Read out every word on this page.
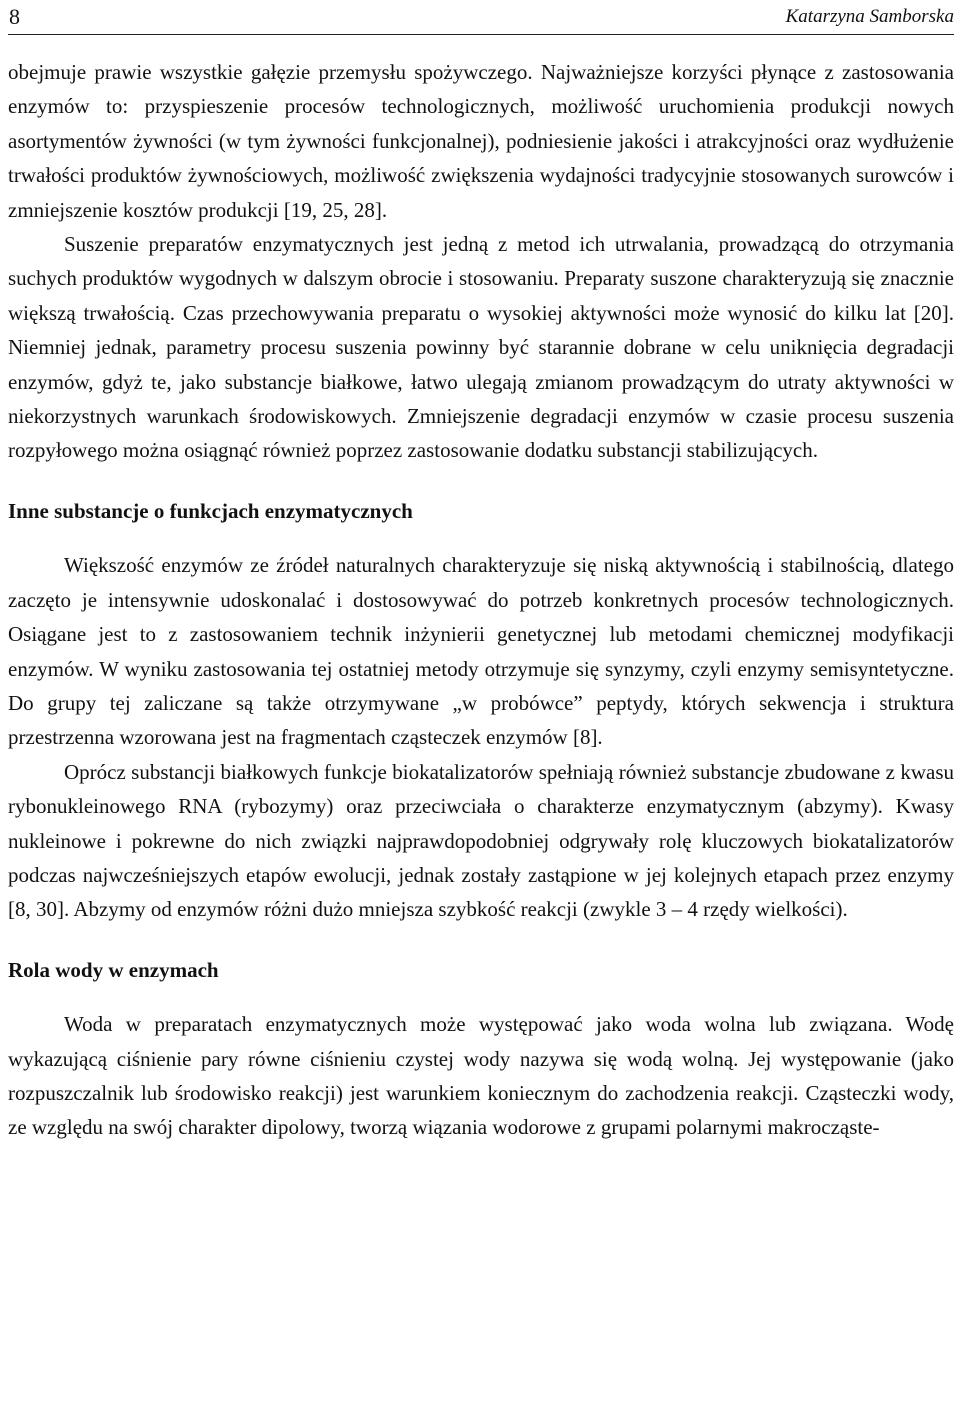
8	Katarzyna Samborska

obejmuje prawie wszystkie gałęzie przemysłu spożywczego. Najważniejsze korzyści płynące z zastosowania enzymów to: przyspieszenie procesów technologicznych, możliwość uruchomienia produkcji nowych asortymentów żywności (w tym żywności funkcjonalnej), podniesienie jakości i atrakcyjności oraz wydłużenie trwałości produktów żywnościowych, możliwość zwiększenia wydajności tradycyjnie stosowanych surowców i zmniejszenie kosztów produkcji [19, 25, 28].

Suszenie preparatów enzymatycznych jest jedną z metod ich utrwalania, prowadzącą do otrzymania suchych produktów wygodnych w dalszym obrocie i stosowaniu. Preparaty suszone charakteryzują się znacznie większą trwałością. Czas przechowywania preparatu o wysokiej aktywności może wynosić do kilku lat [20]. Niemniej jednak, parametry procesu suszenia powinny być starannie dobrane w celu uniknięcia degradacji enzymów, gdyż te, jako substancje białkowe, łatwo ulegają zmianom prowadzącym do utraty aktywności w niekorzystnych warunkach środowiskowych. Zmniejszenie degradacji enzymów w czasie procesu suszenia rozpyłowego można osiągnąć również poprzez zastosowanie dodatku substancji stabilizujących.

Inne substancje o funkcjach enzymatycznych

Większość enzymów ze źródeł naturalnych charakteryzuje się niską aktywnością i stabilnością, dlatego zaczęto je intensywnie udoskonalać i dostosowywać do potrzeb konkretnych procesów technologicznych. Osiągane jest to z zastosowaniem technik inżynierii genetycznej lub metodami chemicznej modyfikacji enzymów. W wyniku zastosowania tej ostatniej metody otrzymuje się synzymy, czyli enzymy semisyntetyczne. Do grupy tej zaliczane są także otrzymywane „w probówce” peptydy, których sekwencja i struktura przestrzenna wzorowana jest na fragmentach cząsteczek enzymów [8].

Oprócz substancji białkowych funkcje biokatalizatorów spełniają również substancje zbudowane z kwasu rybonukleinowego RNA (rybozymy) oraz przeciwciała o charakterze enzymatycznym (abzymy). Kwasy nukleinowe i pokrewne do nich związki najprawdopodobniej odgrywały rolę kluczowych biokatalizatorów podczas najwcześniejszych etapów ewolucji, jednak zostały zastąpione w jej kolejnych etapach przez enzymy [8, 30]. Abzymy od enzymów różni dużo mniejsza szybkość reakcji (zwykle 3 – 4 rzędy wielkości).

Rola wody w enzymach

Woda w preparatach enzymatycznych może występować jako woda wolna lub związana. Wodę wykazującą ciśnienie pary równe ciśnieniu czystej wody nazywa się wodą wolną. Jej występowanie (jako rozpuszczalnik lub środowisko reakcji) jest warunkiem koniecznym do zachodzenia reakcji. Cząsteczki wody, ze względu na swój charakter dipolowy, tworzą wiązania wodorowe z grupami polarnymi makrocząste-
